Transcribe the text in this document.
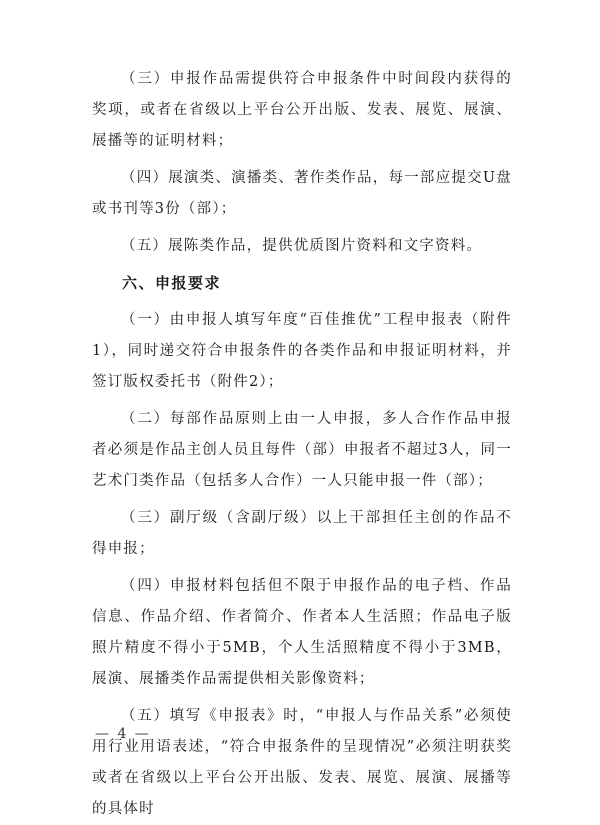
（三）申报作品需提供符合申报条件中时间段内获得的奖项，或者在省级以上平台公开出版、发表、展览、展演、展播等的证明材料；

（四）展演类、演播类、著作类作品，每一部应提交U盘或书刊等3份（部）；

（五）展陈类作品，提供优质图片资料和文字资料。

六、申报要求

（一）由申报人填写年度“百佳推优”工程申报表（附件1），同时递交符合申报条件的各类作品和申报证明材料，并签订版权委托书（附件2）；

（二）每部作品原则上由一人申报，多人合作作品申报者必须是作品主创人员且每件（部）申报者不超过3人，同一艺术门类作品（包括多人合作）一人只能申报一件（部）；

（三）副厅级（含副厅级）以上干部担任主创的作品不得申报；

（四）申报材料包括但不限于申报作品的电子档、作品信息、作品介绍、作者简介、作者本人生活照；作品电子版照片精度不得小于5MB，个人生活照精度不得小于3MB，展演、展播类作品需提供相关影像资料；

（五）填写《申报表》时，“申报人与作品关系”必须使用行业用语表述，“符合申报条件的呈现情况”必须注明获奖或者在省级以上平台公开出版、发表、展览、展演、展播等的具体时

— 4 —
